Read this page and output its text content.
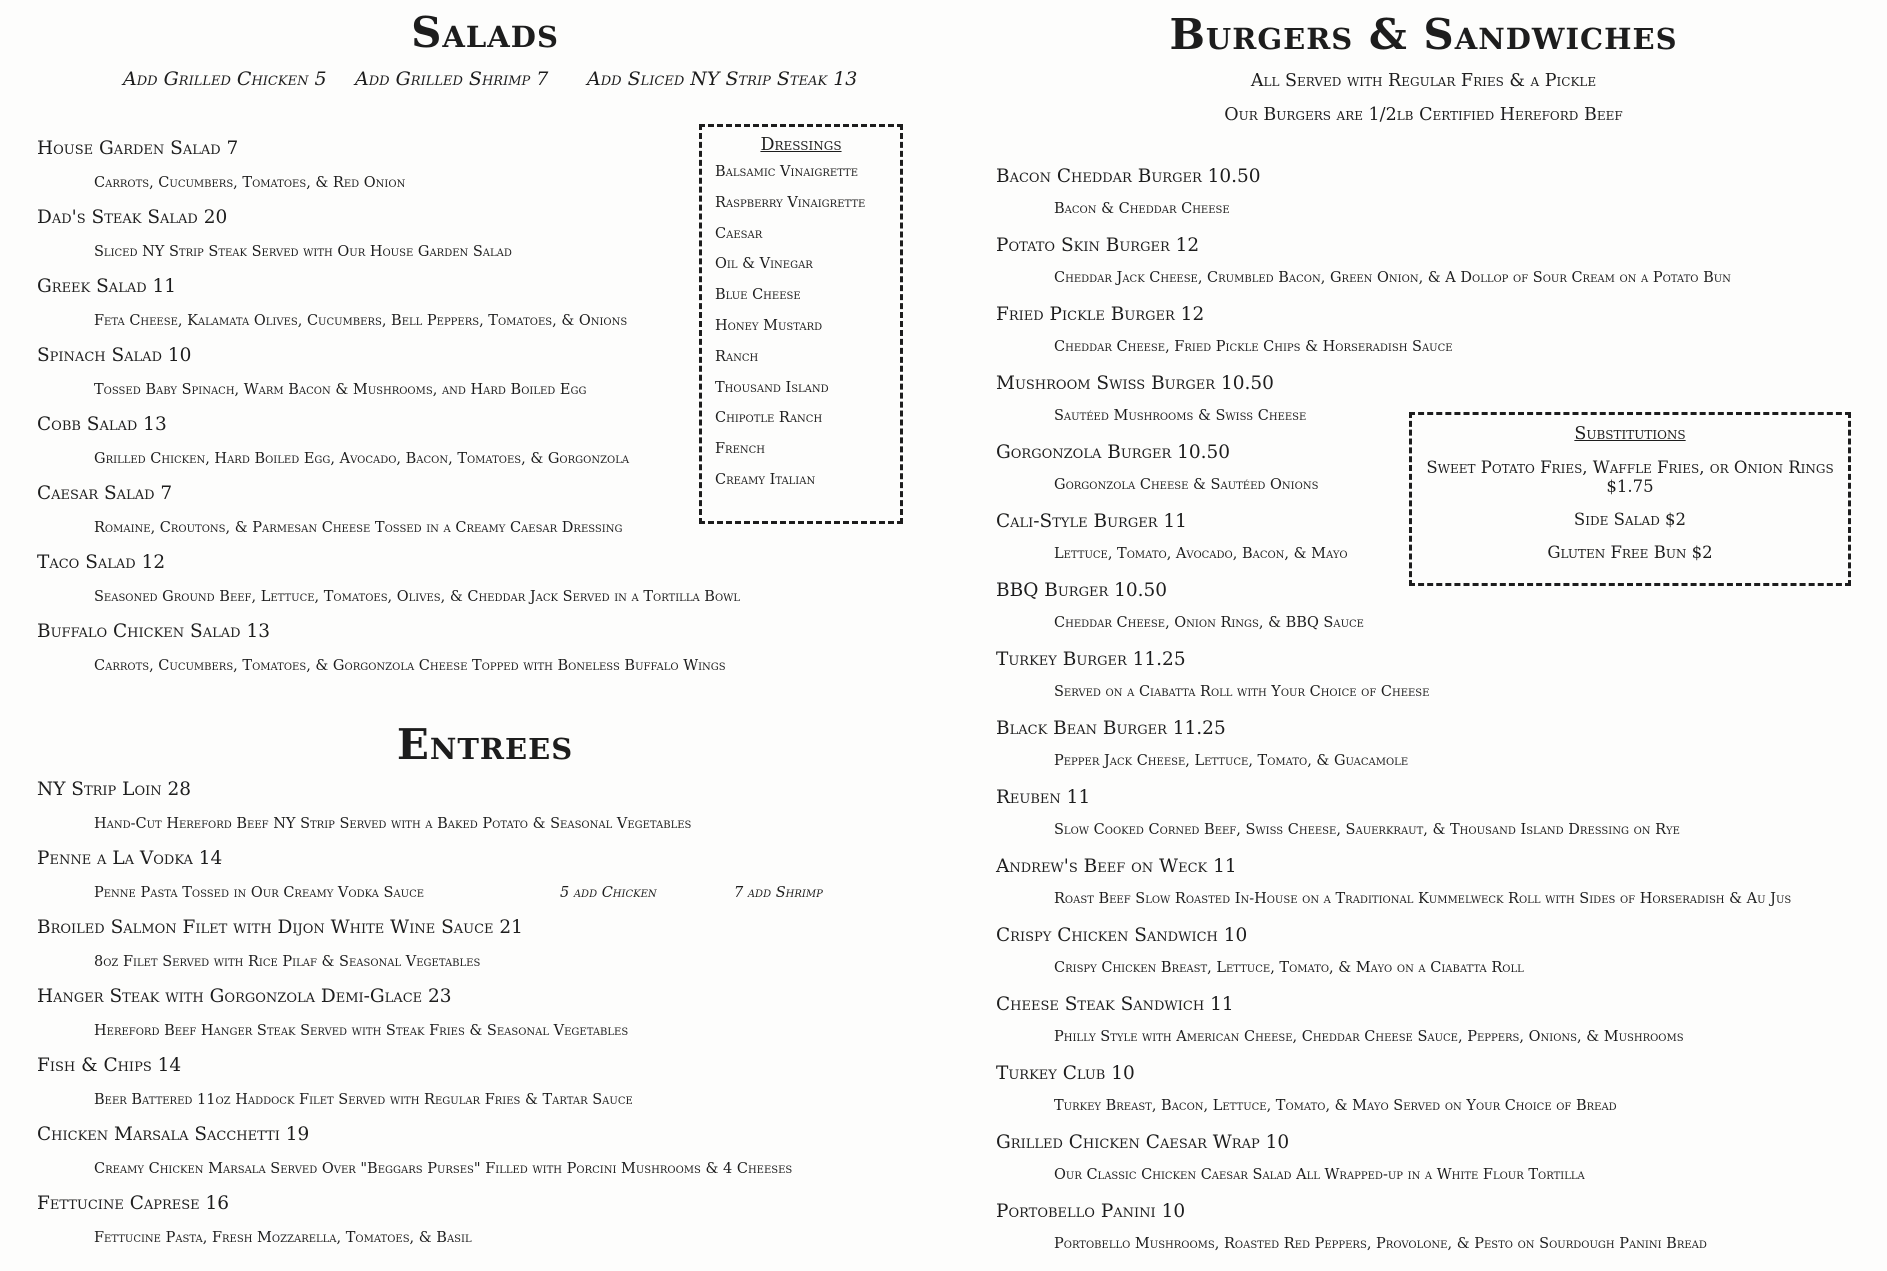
Salads
Add Grilled Chicken 5 Add Grilled Shrimp 7 Add Sliced NY Strip Steak 13
House Garden Salad 7
Carrots, Cucumbers, Tomatoes, & Red Onion
Dad's Steak Salad 20
Sliced NY Strip Steak Served with Our House Garden Salad
Greek Salad 11
Feta Cheese, Kalamata Olives, Cucumbers, Bell Peppers, Tomatoes, & Onions
Spinach Salad 10
Tossed Baby Spinach, Warm Bacon & Mushrooms, and Hard Boiled Egg
Cobb Salad 13
Grilled Chicken, Hard Boiled Egg, Avocado, Bacon, Tomatoes, & Gorgonzola
Caesar Salad 7
Romaine, Croutons, & Parmesan Cheese Tossed in a Creamy Caesar Dressing
Taco Salad 12
Seasoned Ground Beef, Lettuce, Tomatoes, Olives, & Cheddar Jack Served in a Tortilla Bowl
Buffalo Chicken Salad 13
Carrots, Cucumbers, Tomatoes, & Gorgonzola Cheese Topped with Boneless Buffalo Wings
Dressings
Balsamic Vinaigrette
Raspberry Vinaigrette
Caesar
Oil & Vinegar
Blue Cheese
Honey Mustard
Ranch
Thousand Island
Chipotle Ranch
French
Creamy Italian
Entrees
NY Strip Loin 28
Hand-Cut Hereford Beef NY Strip Served with a Baked Potato & Seasonal Vegetables
Penne a La Vodka 14
Penne Pasta Tossed in Our Creamy Vodka Sauce	5 add Chicken	7 add Shrimp
Broiled Salmon Filet with Dijon White Wine Sauce 21
8oz Filet Served with Rice Pilaf & Seasonal Vegetables
Hanger Steak with Gorgonzola Demi-Glace 23
Hereford Beef Hanger Steak Served with Steak Fries & Seasonal Vegetables
Fish & Chips 14
Beer Battered 11oz Haddock Filet Served with Regular Fries & Tartar Sauce
Chicken Marsala Sacchetti 19
Creamy Chicken Marsala Served Over "Beggars Purses" Filled with Porcini Mushrooms & 4 Cheeses
Fettucine Caprese 16
Fettucine Pasta, Fresh Mozzarella, Tomatoes, & Basil
Burgers & Sandwiches
All Served with Regular Fries & a Pickle
Our Burgers are 1/2lb Certified Hereford Beef
Bacon Cheddar Burger 10.50
Bacon & Cheddar Cheese
Potato Skin Burger 12
Cheddar Jack Cheese, Crumbled Bacon, Green Onion, & A Dollop of Sour Cream on a Potato Bun
Fried Pickle Burger 12
Cheddar Cheese, Fried Pickle Chips & Horseradish Sauce
Mushroom Swiss Burger 10.50
Sautéed Mushrooms & Swiss Cheese
Gorgonzola Burger 10.50
Gorgonzola Cheese & Sautéed Onions
Cali-Style Burger 11
Lettuce, Tomato, Avocado, Bacon, & Mayo
BBQ Burger 10.50
Cheddar Cheese, Onion Rings, & BBQ Sauce
Turkey Burger 11.25
Served on a Ciabatta Roll with Your Choice of Cheese
Black Bean Burger 11.25
Pepper Jack Cheese, Lettuce, Tomato, & Guacamole
Reuben 11
Slow Cooked Corned Beef, Swiss Cheese, Sauerkraut, & Thousand Island Dressing on Rye
Andrew's Beef on Weck 11
Roast Beef Slow Roasted In-House on a Traditional Kummelweck Roll with Sides of Horseradish & Au Jus
Crispy Chicken Sandwich 10
Crispy Chicken Breast, Lettuce, Tomato, & Mayo on a Ciabatta Roll
Cheese Steak Sandwich 11
Philly Style with American Cheese, Cheddar Cheese Sauce, Peppers, Onions, & Mushrooms
Turkey Club 10
Turkey Breast, Bacon, Lettuce, Tomato, & Mayo Served on Your Choice of Bread
Grilled Chicken Caesar Wrap 10
Our Classic Chicken Caesar Salad All Wrapped-up in a White Flour Tortilla
Portobello Panini 10
Portobello Mushrooms, Roasted Red Peppers, Provolone, & Pesto on Sourdough Panini Bread
Substitutions
Sweet Potato Fries, Waffle Fries, or Onion Rings
$1.75
Side Salad $2
Gluten Free Bun $2
